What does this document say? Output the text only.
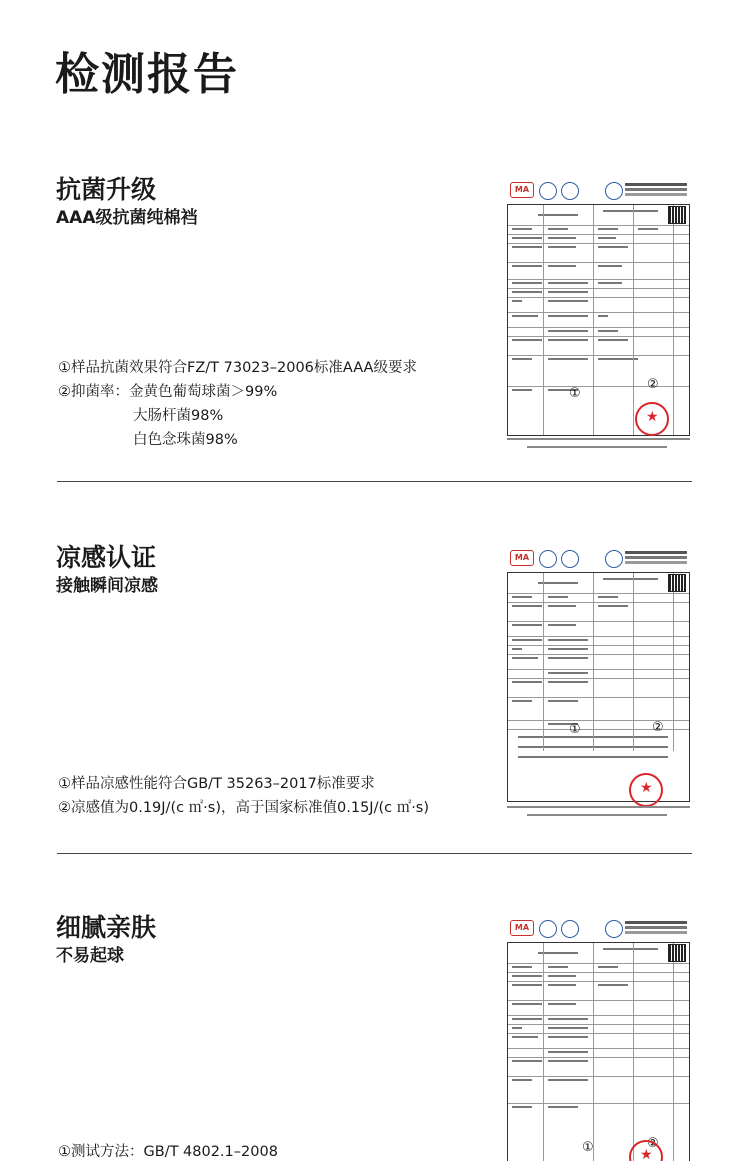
检测报告
抗菌升级
AAA级抗菌纯棉裆
①样品抗菌效果符合FZ/T 73023–2006标准AAA级要求
②抑菌率：金黄色葡萄球菌＞99%
大肠杆菌98%
白色念珠菌98%
MA
①
②
★
凉感认证
接触瞬间凉感
①样品凉感性能符合GB/T 35263–2017标准要求
②凉感值为0.19J/(c ㎡·s)，高于国家标准值0.15J/(c ㎡·s)
MA
①	②
★
细腻亲肤
不易起球
①测试方法：GB/T 4802.1–2008
MA
①	②
★
